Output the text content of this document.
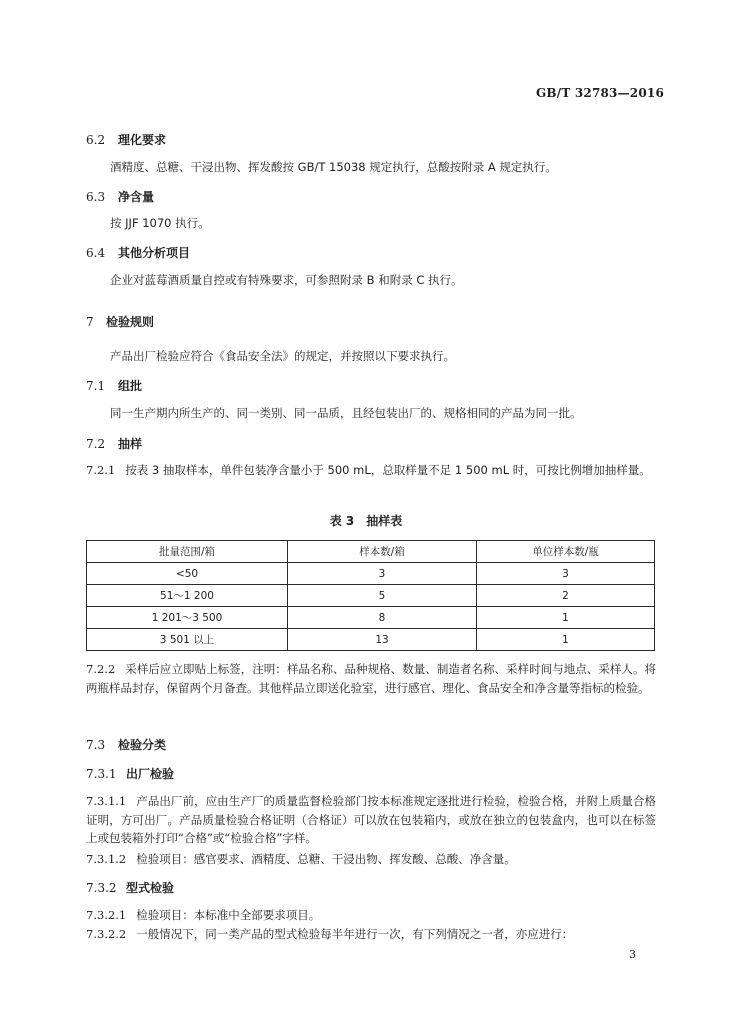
GB/T 32783—2016
6.2 理化要求
酒精度、总糖、干浸出物、挥发酸按 GB/T 15038 规定执行，总酸按附录 A 规定执行。
6.3 净含量
按 JJF 1070 执行。
6.4 其他分析项目
企业对蓝莓酒质量自控或有特殊要求，可参照附录 B 和附录 C 执行。
7 检验规则
产品出厂检验应符合《食品安全法》的规定，并按照以下要求执行。
7.1 组批
同一生产期内所生产的、同一类别、同一品质，且经包装出厂的、规格相同的产品为同一批。
7.2 抽样
7.2.1 按表 3 抽取样本，单件包装净含量小于 500 mL，总取样量不足 1 500 mL 时，可按比例增加抽样量。
表 3　抽样表
批量范围/箱	样本数/箱	单位样本数/瓶
<50	3	3
51～1 200	5	2
1 201～3 500	8	1
3 501 以上	13	1
7.2.2 采样后应立即贴上标签，注明：样品名称、品种规格、数量、制造者名称、采样时间与地点、采样人。将两瓶样品封存，保留两个月备查。其他样品立即送化验室，进行感官、理化、食品安全和净含量等指标的检验。
7.3 检验分类
7.3.1 出厂检验
7.3.1.1 产品出厂前，应由生产厂的质量监督检验部门按本标准规定逐批进行检验，检验合格，并附上质量合格证明，方可出厂。产品质量检验合格证明（合格证）可以放在包装箱内，或放在独立的包装盒内，也可以在标签上或包装箱外打印“合格”或“检验合格”字样。
7.3.1.2 检验项目：感官要求、酒精度、总糖、干浸出物、挥发酸、总酸、净含量。
7.3.2 型式检验
7.3.2.1 检验项目：本标准中全部要求项目。
7.3.2.2 一般情况下，同一类产品的型式检验每半年进行一次，有下列情况之一者，亦应进行：
3
